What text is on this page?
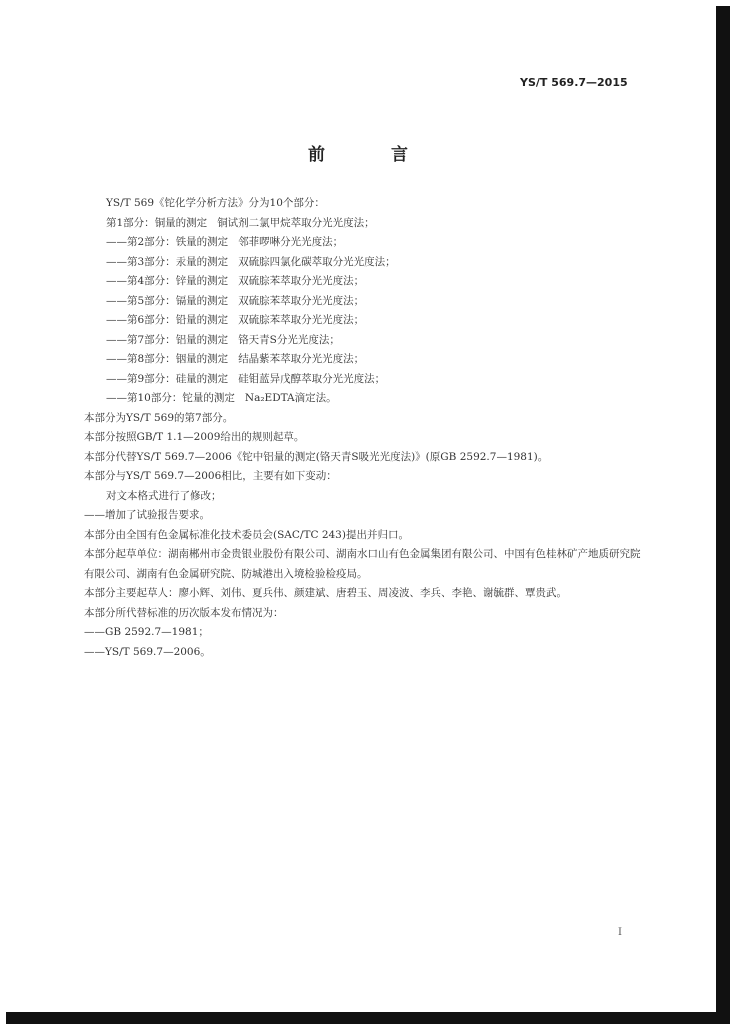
YS/T 569.7—2015
前 言
YS/T 569《铊化学分析方法》分为10个部分：
第1部分：铜量的测定 铜试剂二氯甲烷萃取分光光度法；
——第2部分：铁量的测定 邻菲啰啉分光光度法；
——第3部分：汞量的测定 双硫腙四氯化碳萃取分光光度法；
——第4部分：锌量的测定 双硫腙苯萃取分光光度法；
——第5部分：镉量的测定 双硫腙苯萃取分光光度法；
——第6部分：铅量的测定 双硫腙苯萃取分光光度法；
——第7部分：铝量的测定 铬天青S分光光度法；
——第8部分：铟量的测定 结晶紫苯萃取分光光度法；
——第9部分：硅量的测定 硅钼蓝异戊醇萃取分光光度法；
——第10部分：铊量的测定 Na₂EDTA滴定法。
本部分为YS/T 569的第7部分。
本部分按照GB/T 1.1—2009给出的规则起草。
本部分代替YS/T 569.7—2006《铊中铝量的测定(铬天青S吸光光度法)》(原GB 2592.7—1981)。
本部分与YS/T 569.7—2006相比，主要有如下变动：
对文本格式进行了修改；
——增加了试验报告要求。
本部分由全国有色金属标准化技术委员会(SAC/TC 243)提出并归口。
本部分起草单位：湖南郴州市金贵银业股份有限公司、湖南水口山有色金属集团有限公司、中国有色桂林矿产地质研究院有限公司、湖南有色金属研究院、防城港出入境检验检疫局。
本部分主要起草人：廖小辉、刘伟、夏兵伟、颜建斌、唐碧玉、周凌波、李兵、李艳、谢毓群、覃贵武。
本部分所代替标准的历次版本发布情况为：
——GB 2592.7—1981；
——YS/T 569.7—2006。
I
